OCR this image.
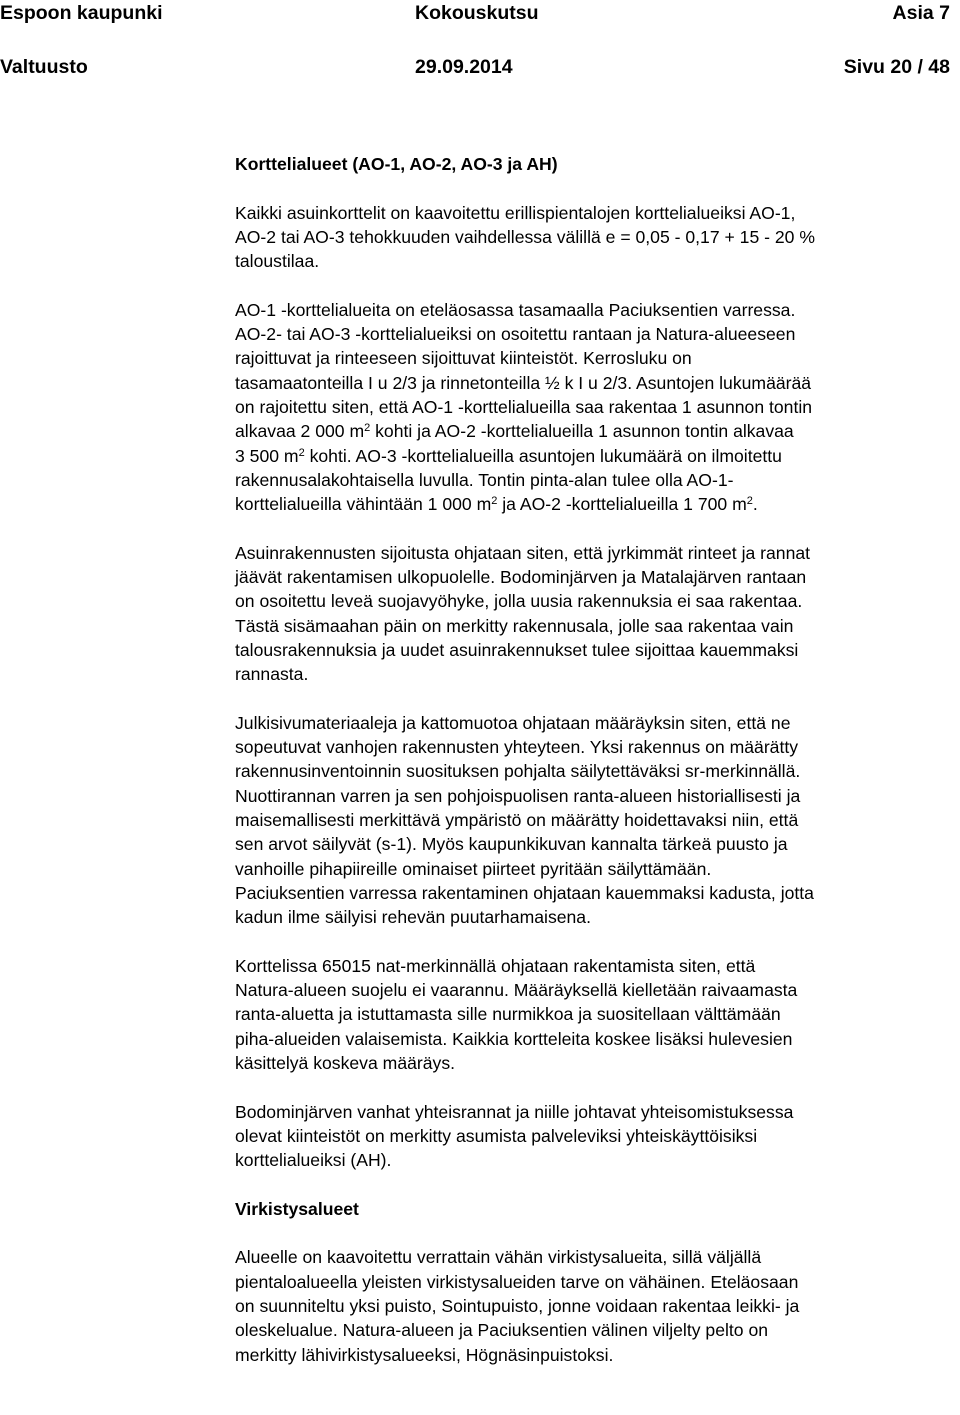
Espoon kaupunki	Kokouskutsu	Asia 7
Valtuusto	29.09.2014	Sivu 20 / 48
Korttelialueet (AO-1, AO-2, AO-3 ja AH)

Kaikki asuinkorttelit on kaavoitettu erillispientalojen korttelialueiksi AO-1,
AO-2 tai AO-3 tehokkuuden vaihdellessa välillä e = 0,05 - 0,17 + 15 - 20 %
taloustilaa.

AO-1 -korttelialueita on eteläosassa tasamaalla Paciuksentien varressa.
AO-2- tai AO-3 -korttelialueiksi on osoitettu rantaan ja Natura-alueeseen
rajoittuvat ja rinteeseen sijoittuvat kiinteistöt. Kerrosluku on
tasamaatonteilla I u 2/3 ja rinnetonteilla ½ k I u 2/3. Asuntojen lukumäärää
on rajoitettu siten, että AO-1 -korttelialueilla saa rakentaa 1 asunnon tontin
alkavaa 2 000 $m^2$ kohti ja AO-2 -korttelialueilla 1 asunnon tontin alkavaa
3 500 $m^2$ kohti. AO-3 -korttelialueilla asuntojen lukumäärä on ilmoitettu
rakennusalakohtaisella luvulla. Tontin pinta-alan tulee olla AO-1-
korttelialueilla vähintään 1 000 $m^2$ ja AO-2 -korttelialueilla 1 700 $m^2$.

Asuinrakennusten sijoitusta ohjataan siten, että jyrkimmät rinteet ja rannat
jäävät rakentamisen ulkopuolelle. Bodominjärven ja Matalajärven rantaan
on osoitettu leveä suojavyöhyke, jolla uusia rakennuksia ei saa rakentaa.
Tästä sisämaahan päin on merkitty rakennusala, jolle saa rakentaa vain
talousrakennuksia ja uudet asuinrakennukset tulee sijoittaa kauemmaksi
rannasta.

Julkisivumateriaaleja ja kattomuotoa ohjataan määräyksin siten, että ne
sopeutuvat vanhojen rakennusten yhteyteen. Yksi rakennus on määrätty
rakennusinventoinnin suosituksen pohjalta säilytettäväksi sr-merkinnällä.
Nuottirannan varren ja sen pohjoispuolisen ranta-alueen historiallisesti ja
maisemallisesti merkittävä ympäristö on määrätty hoidettavaksi niin, että
sen arvot säilyvät (s-1). Myös kaupunkikuvan kannalta tärkeä puusto ja
vanhoille pihapiireille ominaiset piirteet pyritään säilyttämään.
Paciuksentien varressa rakentaminen ohjataan kauemmaksi kadusta, jotta
kadun ilme säilyisi rehevän puutarhamaisena.

Korttelissa 65015 nat-merkinnällä ohjataan rakentamista siten, että
Natura-alueen suojelu ei vaarannu. Määräyksellä kielletään raivaamasta
ranta-aluetta ja istuttamasta sille nurmikkoa ja suositellaan välttämään
piha-alueiden valaisemista. Kaikkia kortteleita koskee lisäksi hulevesien
käsittelyä koskeva määräys.

Bodominjärven vanhat yhteisrannat ja niille johtavat yhteisomistuksessa
olevat kiinteistöt on merkitty asumista palveleviksi yhteiskäyttöisiksi
korttelialueiksi (AH).

Virkistysalueet

Alueelle on kaavoitettu verrattain vähän virkistysalueita, sillä väljällä
pientaloalueella yleisten virkistysalueiden tarve on vähäinen. Eteläosaan
on suunniteltu yksi puisto, Sointupuisto, jonne voidaan rakentaa leikki- ja
oleskelualue. Natura-alueen ja Paciuksentien välinen viljelty pelto on
merkitty lähivirkistysalueeksi, Högnäsinpuistoksi.
